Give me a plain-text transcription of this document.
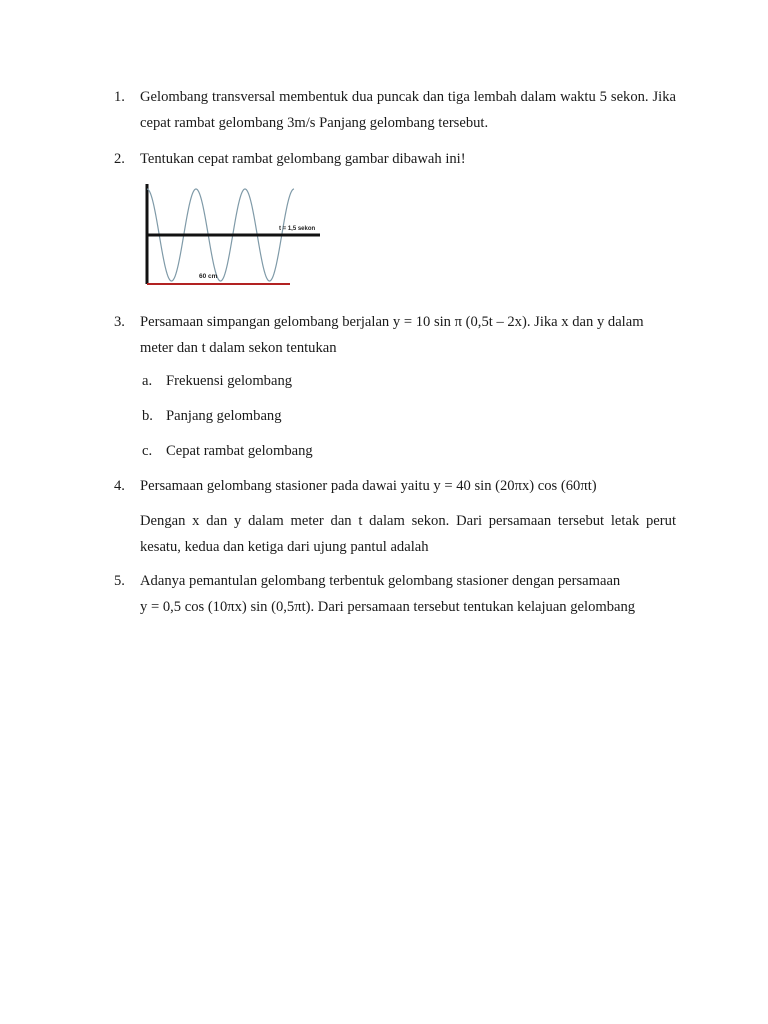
1. Gelombang transversal membentuk dua puncak dan tiga lembah dalam waktu 5 sekon. Jika cepat rambat gelombang 3m/s Panjang gelombang tersebut.
2. Tentukan cepat rambat gelombang gambar dibawah ini!
t = 1,5 sekon
60 cm
3. Persamaan simpangan gelombang berjalan y = 10 sin π (0,5t – 2x). Jika x dan y dalam meter dan t dalam sekon tentukan
a. Frekuensi gelombang
b. Panjang gelombang
c. Cepat rambat gelombang
4. Persamaan gelombang stasioner pada dawai yaitu y = 40 sin (20πx) cos (60πt)
Dengan x dan y dalam meter dan t dalam sekon. Dari persamaan tersebut letak perut kesatu, kedua dan ketiga dari ujung pantul adalah
5. Adanya pemantulan gelombang terbentuk gelombang stasioner dengan persamaan
y = 0,5 cos (10πx) sin (0,5πt). Dari persamaan tersebut tentukan kelajuan gelombang
